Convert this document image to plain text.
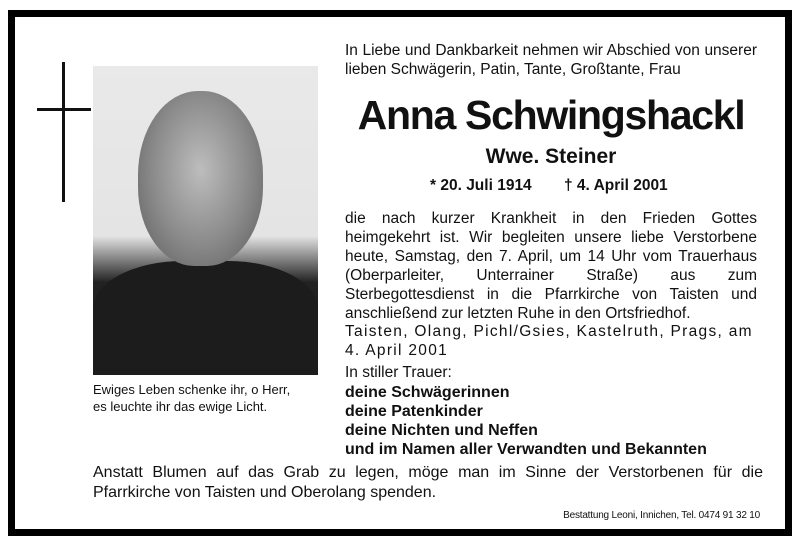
Ewiges Leben schenke ihr, o Herr,
es leuchte ihr das ewige Licht.
In Liebe und Dankbarkeit nehmen wir Abschied von unserer lieben Schwägerin, Patin, Tante, Großtante, Frau
Anna Schwingshackl
Wwe. Steiner
* 20. Juli 1914 † 4. April 2001
die nach kurzer Krankheit in den Frieden Gottes heimgekehrt ist. Wir begleiten unsere liebe Verstorbene heute, Samstag, den 7. April, um 14 Uhr vom Trauerhaus (Oberparleiter, Unterrainer Straße) aus zum Sterbegottesdienst in die Pfarrkirche von Taisten und anschließend zur letzten Ruhe in den Ortsfriedhof.
Taisten, Olang, Pichl/Gsies, Kastelruth, Prags, am 4. April 2001
In stiller Trauer:
deine Schwägerinnen
deine Patenkinder
deine Nichten und Neffen
und im Namen aller Verwandten und Bekannten
Anstatt Blumen auf das Grab zu legen, möge man im Sinne der Verstorbenen für die Pfarrkirche von Taisten und Oberolang spenden.
Bestattung Leoni, Innichen, Tel. 0474 91 32 10
